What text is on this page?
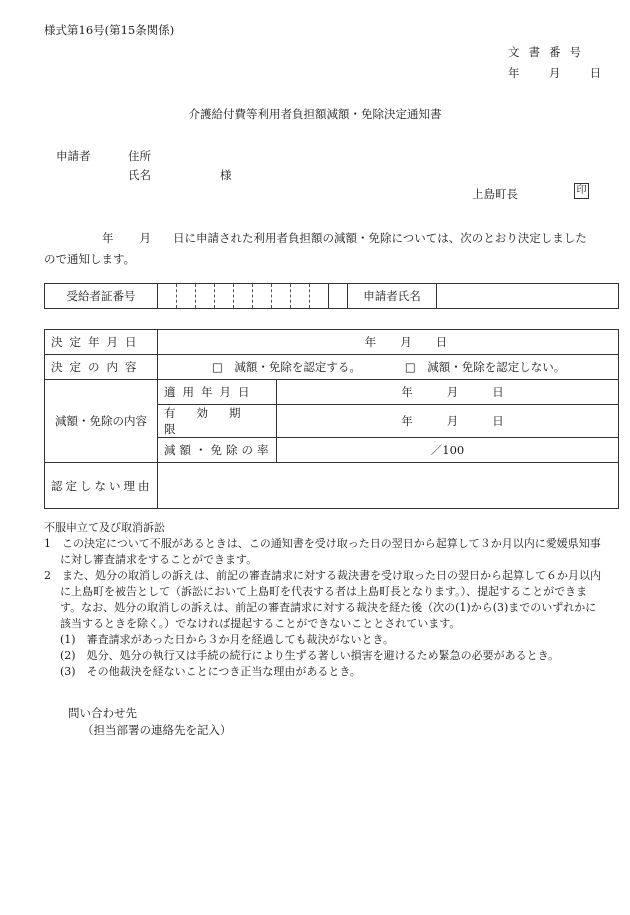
様式第16号(第15条関係)
文書番号
年	月	日
介護給付費等利用者負担額減額・免除決定通知書
申請者	住所
氏名	様
上島町長	印
年 月 日に申請された利用者負担額の減額・免除については、次のとおり決定しましたので通知します。
受給者証番号											申請者氏名	
決定年月日	年 月 日	
決定の内容	□　減額・免除を認定する。 □　減額・免除を認定しない。	
減額・免除の内容	適用年月日	年 月 日
	有効期限	年 月 日
	減額・免除の率	／100
認定しない理由		

不服申立て及び取消訴訟

1　この決定について不服があるときは、この通知書を受け取った日の翌日から起算して３か月以内に愛媛県知事に対し審査請求をすることができます。

2　また、処分の取消しの訴えは、前記の審査請求に対する裁決書を受け取った日の翌日から起算して６か月以内に上島町を被告として（訴訟において上島町を代表する者は上島町長となります。）、提起することができます。なお、処分の取消しの訴えは、前記の審査請求に対する裁決を経た後（次の(1)から(3)までのいずれかに該当するときを除く。）でなければ提起することができないこととされています。

(1)　審査請求があった日から３か月を経過しても裁決がないとき。

(2)　処分、処分の執行又は手続の続行により生ずる著しい損害を避けるため緊急の必要があるとき。

(3)　その他裁決を経ないことにつき正当な理由があるとき。

問い合わせ先
（担当部署の連絡先を記入）
